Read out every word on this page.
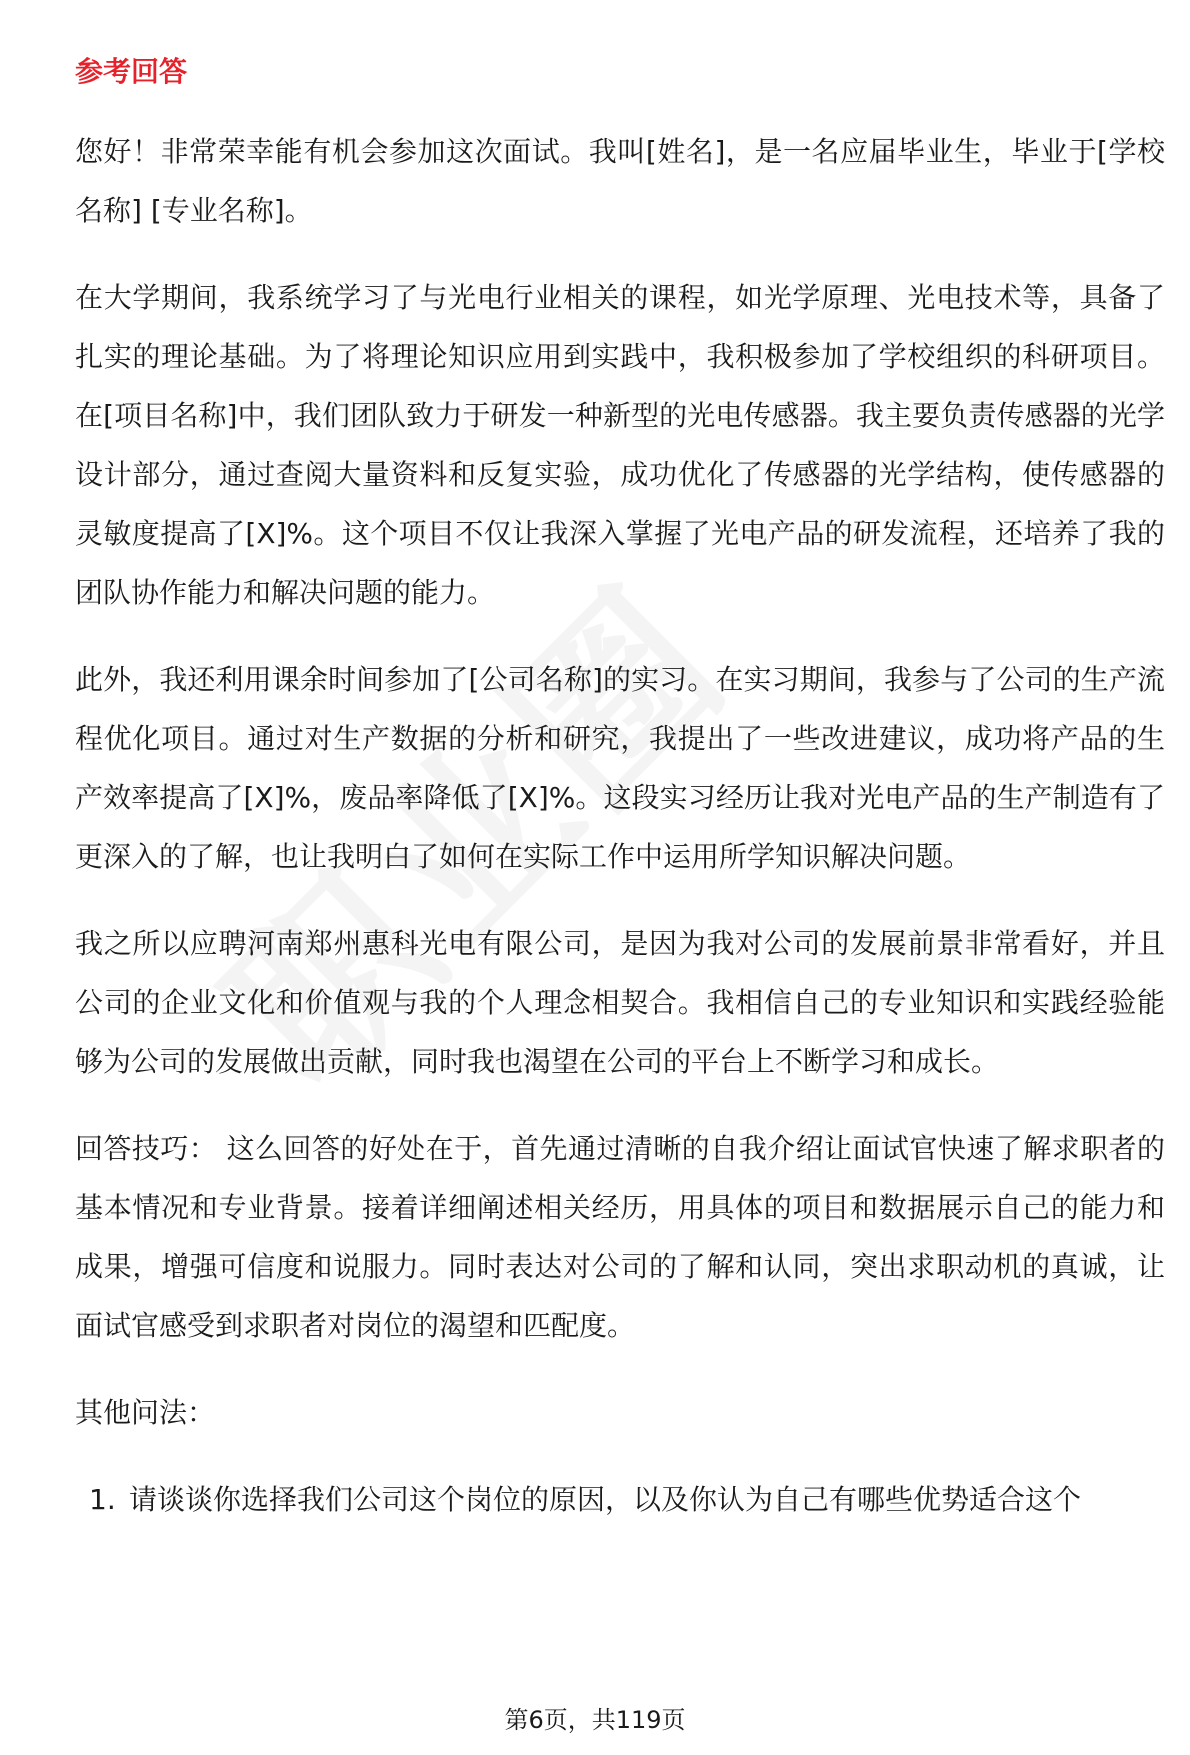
参考回答

您好！非常荣幸能有机会参加这次面试。我叫[姓名]，是一名应届毕业生，毕业于[学校名称] [专业名称]。

在大学期间，我系统学习了与光电行业相关的课程，如光学原理、光电技术等，具备了扎实的理论基础。为了将理论知识应用到实践中，我积极参加了学校组织的科研项目。在[项目名称]中，我们团队致力于研发一种新型的光电传感器。我主要负责传感器的光学设计部分，通过查阅大量资料和反复实验，成功优化了传感器的光学结构，使传感器的灵敏度提高了[X]%。这个项目不仅让我深入掌握了光电产品的研发流程，还培养了我的团队协作能力和解决问题的能力。

此外，我还利用课余时间参加了[公司名称]的实习。在实习期间，我参与了公司的生产流程优化项目。通过对生产数据的分析和研究，我提出了一些改进建议，成功将产品的生产效率提高了[X]%，废品率降低了[X]%。这段实习经历让我对光电产品的生产制造有了更深入的了解，也让我明白了如何在实际工作中运用所学知识解决问题。

我之所以应聘河南郑州惠科光电有限公司，是因为我对公司的发展前景非常看好，并且公司的企业文化和价值观与我的个人理念相契合。我相信自己的专业知识和实践经验能够为公司的发展做出贡献，同时我也渴望在公司的平台上不断学习和成长。

回答技巧： 这么回答的好处在于，首先通过清晰的自我介绍让面试官快速了解求职者的基本情况和专业背景。接着详细阐述相关经历，用具体的项目和数据展示自己的能力和成果，增强可信度和说服力。同时表达对公司的了解和认同，突出求职动机的真诚，让面试官感受到求职者对岗位的渴望和匹配度。

其他问法：

1. 请谈谈你选择我们公司这个岗位的原因，以及你认为自己有哪些优势适合这个
第6页，共119页
